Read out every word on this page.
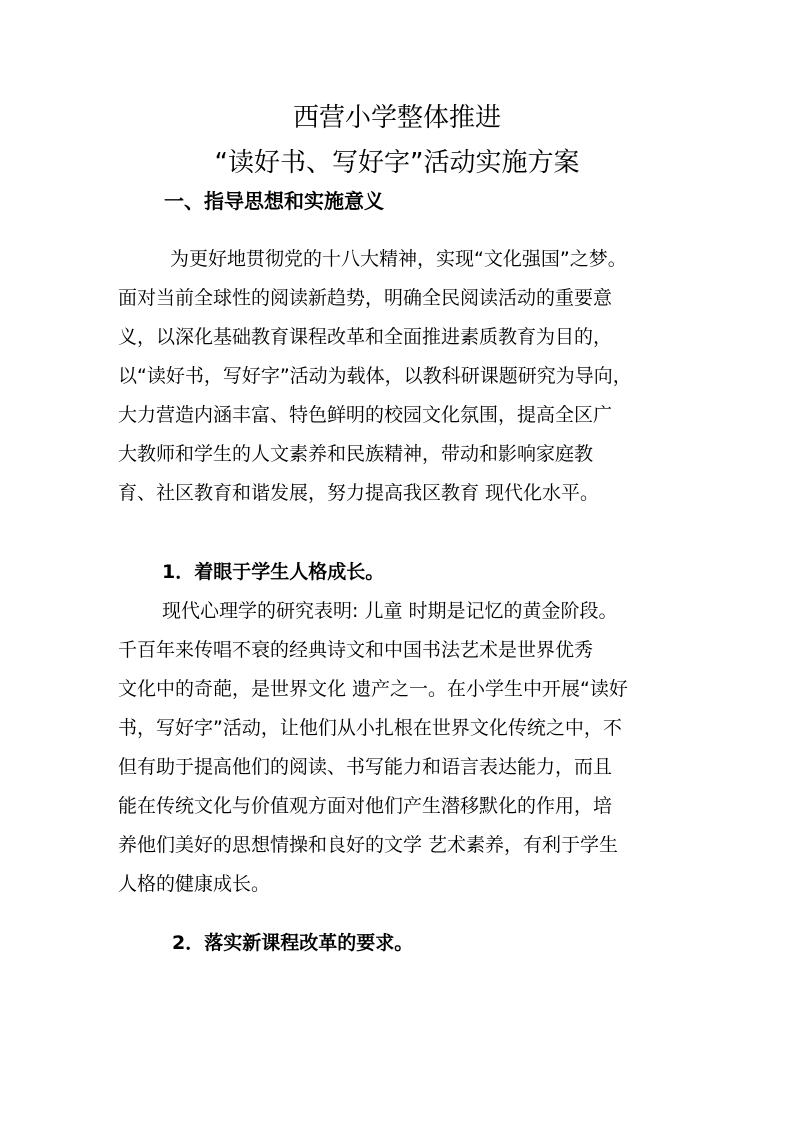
西营小学整体推进
“读好书、写好字”活动实施方案
一、指导思想和实施意义
为更好地贯彻党的十八大精神，实现“文化强国”之梦。
面对当前全球性的阅读新趋势，明确全民阅读活动的重要意
义，以深化基础教育课程改革和全面推进素质教育为目的，
以“读好书，写好字”活动为载体，以教科研课题研究为导向，
大力营造内涵丰富、特色鲜明的校园文化氛围，提高全区广
大教师和学生的人文素养和民族精神，带动和影响家庭教
育、社区教育和谐发展，努力提高我区教育 现代化水平。
1．着眼于学生人格成长。
现代心理学的研究表明: 儿童 时期是记忆的黄金阶段。
千百年来传唱不衰的经典诗文和中国书法艺术是世界优秀
文化中的奇葩，是世界文化 遗产之一。在小学生中开展“读好
书，写好字”活动，让他们从小扎根在世界文化传统之中，不
但有助于提高他们的阅读、书写能力和语言表达能力，而且
能在传统文化与价值观方面对他们产生潜移默化的作用，培
养他们美好的思想情操和良好的文学 艺术素养，有利于学生
人格的健康成长。
2．落实新课程改革的要求。
